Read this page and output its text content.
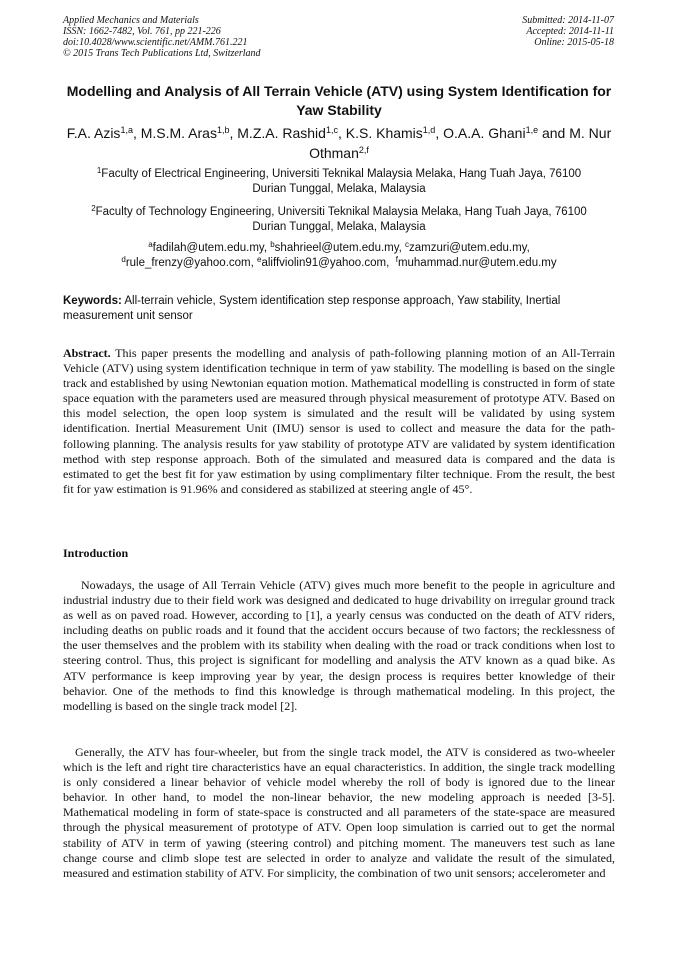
Applied Mechanics and Materials
ISSN: 1662-7482, Vol. 761, pp 221-226
doi:10.4028/www.scientific.net/AMM.761.221
© 2015 Trans Tech Publications Ltd, Switzerland
Submitted: 2014-11-07
Accepted: 2014-11-11
Online: 2015-05-18
Modelling and Analysis of All Terrain Vehicle (ATV) using System Identification for Yaw Stability
F.A. Azis$^{1,a}$, M.S.M. Aras$^{1,b}$, M.Z.A. Rashid$^{1,c}$, K.S. Khamis$^{1,d}$, O.A.A. Ghani$^{1,e}$ and M. Nur Othman$^{2,f}$
$^1$Faculty of Electrical Engineering, Universiti Teknikal Malaysia Melaka, Hang Tuah Jaya, 76100
Durian Tunggal, Melaka, Malaysia
$^2$Faculty of Technology Engineering, Universiti Teknikal Malaysia Melaka, Hang Tuah Jaya, 76100
Durian Tunggal, Melaka, Malaysia
$^a$fadilah@utem.edu.my, $^b$shahrieel@utem.edu.my, $^c$zamzuri@utem.edu.my,
$^d$rule_frenzy@yahoo.com, $^e$aliffviolin91@yahoo.com,  $^f$muhammad.nur@utem.edu.my
Keywords: All-terrain vehicle, System identification step response approach, Yaw stability, Inertial measurement unit sensor

Abstract. This paper presents the modelling and analysis of path-following planning motion of an All-Terrain Vehicle (ATV) using system identification technique in term of yaw stability. The modelling is based on the single track and established by using Newtonian equation motion. Mathematical modelling is constructed in form of state space equation with the parameters used are measured through physical measurement of prototype ATV. Based on this model selection, the open loop system is simulated and the result will be validated by using system identification. Inertial Measurement Unit (IMU) sensor is used to collect and measure the data for the path-following planning. The analysis results for yaw stability of prototype ATV are validated by system identification method with step response approach. Both of the simulated and measured data is compared and the data is estimated to get the best fit for yaw estimation by using complimentary filter technique. From the result, the best fit for yaw estimation is 91.96% and considered as stabilized at steering angle of 45°.

Introduction

Nowadays, the usage of All Terrain Vehicle (ATV) gives much more benefit to the people in agriculture and industrial industry due to their field work was designed and dedicated to huge drivability on irregular ground track as well as on paved road. However, according to [1], a yearly census was conducted on the death of ATV riders, including deaths on public roads and it found that the accident occurs because of two factors; the recklessness of the user themselves and the problem with its stability when dealing with the road or track conditions when lost to steering control. Thus, this project is significant for modelling and analysis the ATV known as a quad bike. As ATV performance is keep improving year by year, the design process is requires better knowledge of their behavior. One of the methods to find this knowledge is through mathematical modeling. In this project, the modelling is based on the single track model [2].

Generally, the ATV has four-wheeler, but from the single track model, the ATV is considered as two-wheeler which is the left and right tire characteristics have an equal characteristics. In addition, the single track modelling is only considered a linear behavior of vehicle model whereby the roll of body is ignored due to the linear behavior. In other hand, to model the non-linear behavior, the new modeling approach is needed [3-5]. Mathematical modeling in form of state-space is constructed and all parameters of the state-space are measured through the physical measurement of prototype of ATV. Open loop simulation is carried out to get the normal stability of ATV in term of yawing (steering control) and pitching moment. The maneuvers test such as lane change course and climb slope test are selected in order to analyze and validate the result of the simulated, measured and estimation stability of ATV. For simplicity, the combination of two unit sensors; accelerometer and
